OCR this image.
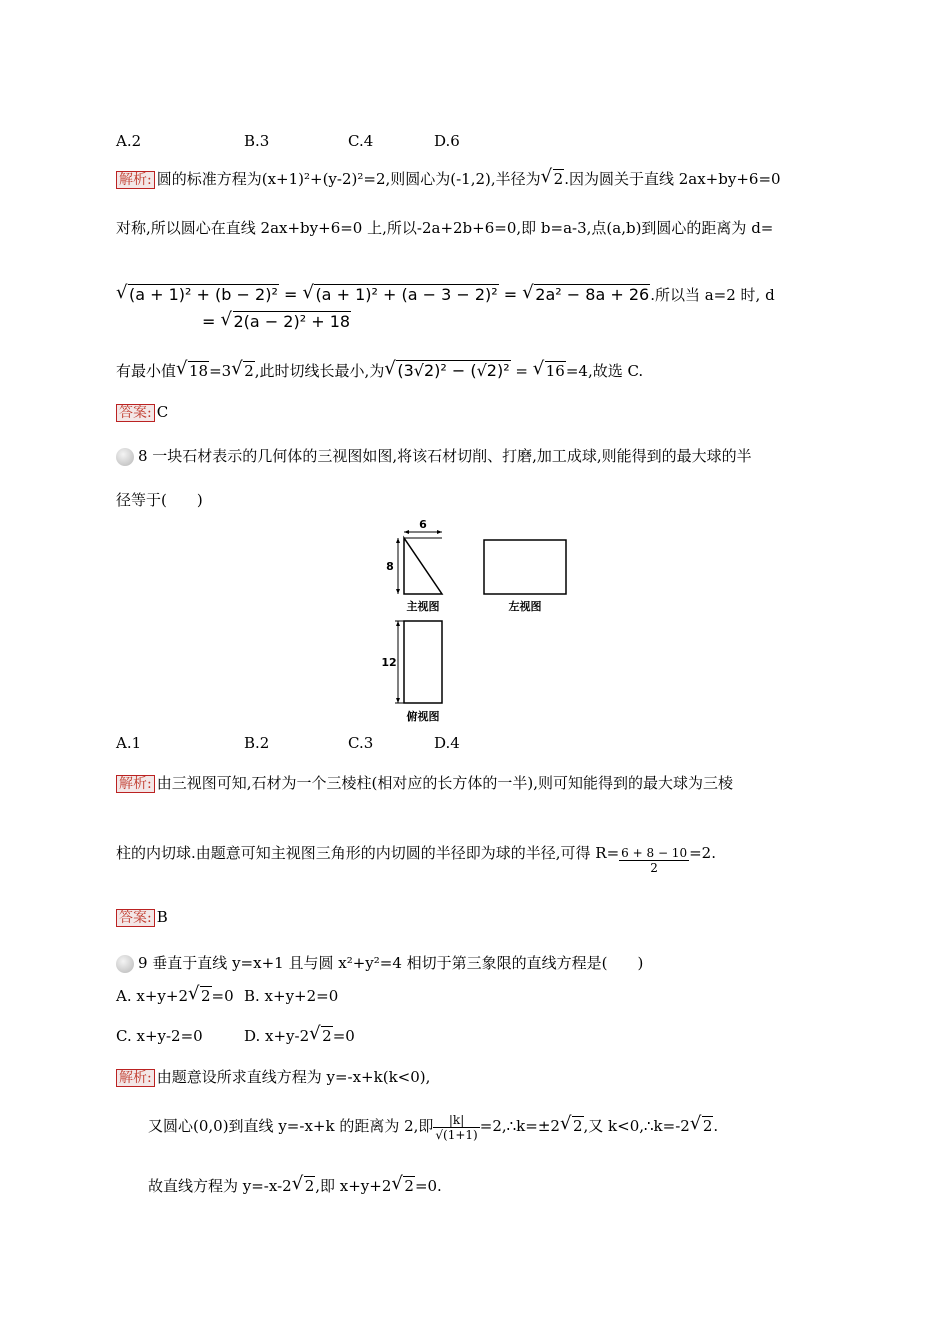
A.2	B.3	C.4	D.6
解析: 圆的标准方程为(x+1)²+(y-2)²=2,则圆心为(-1,2),半径为 √ 2.因为圆关于直线 2ax+by+6=0
对称,所以圆心在直线 2ax+by+6=0 上,所以-2a+2b+6=0,即 b=a-3,点(a,b)到圆心的距离为 d=
√ (a + 1)² + (b − 2)² = √ (a + 1)² + (a − 3 − 2)² = √ 2a² − 8a + 26.所以当 a=2 时, d
= √ 2(a − 2)² + 18
有最小值 √ 18=3 √ 2,此时切线长最小,为 √ (3√2)² − (√2)² = √ 16=4,故选 C.
答案: C
8 一块石材表示的几何体的三视图如图,将该石材切削、打磨,加工成球,则能得到的最大球的半
径等于(　　)
6
8
主视图	左视图
12
俯视图
A.1	B.2	C.3	D.4
解析: 由三视图可知,石材为一个三棱柱(相对应的长方体的一半),则可知能得到的最大球为三棱
柱的内切球.由题意可知主视图三角形的内切圆的半径即为球的半径,可得 $R= \frac{6 + 8 - 10}{2} =2$.
答案: B
9 垂直于直线 y=x+1 且与圆 x²+y²=4 相切于第三象限的直线方程是(　　)
A. x+y+2 √ 2=0 B. x+y+2=0
C. x+y-2=0	D. x+y-2 √ 2=0
解析: 由题意设所求直线方程为 y=-x+k(k<0),
又圆心(0,0)到直线 y=-x+k 的距离为 2,即 $\frac{|k|}{√(1+1)}$ =2,∴k=±2 √ 2,又 k<0,∴k=-2 √ 2.
故直线方程为 y=-x-2 √ 2,即 x+y+2 √ 2=0.
